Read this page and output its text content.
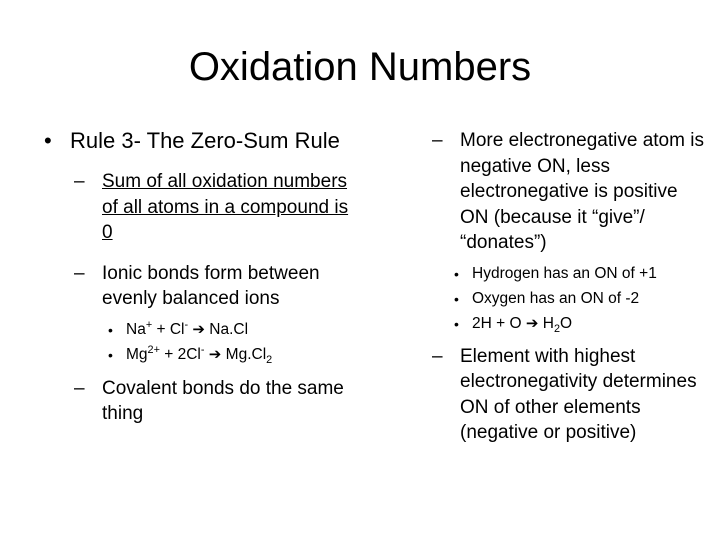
Oxidation Numbers
• Rule 3- The Zero-Sum Rule
– Sum of all oxidation numbers of all atoms in a compound is 0
– Ionic bonds form between evenly balanced ions
• Na+ + Cl- ➔ Na.Cl
• $Mg^{2+} + 2Cl^-$ ➔ $Mg.Cl_2$
– Covalent bonds do the same thing
– More electronegative atom is negative ON, less electronegative is positive ON (because it “give”/ “donates”)
• Hydrogen has an ON of +1
• Oxygen has an ON of -2
• 2H + O ➔ $H_2O$
– Element with highest electronegativity determines ON of other elements (negative or positive)
